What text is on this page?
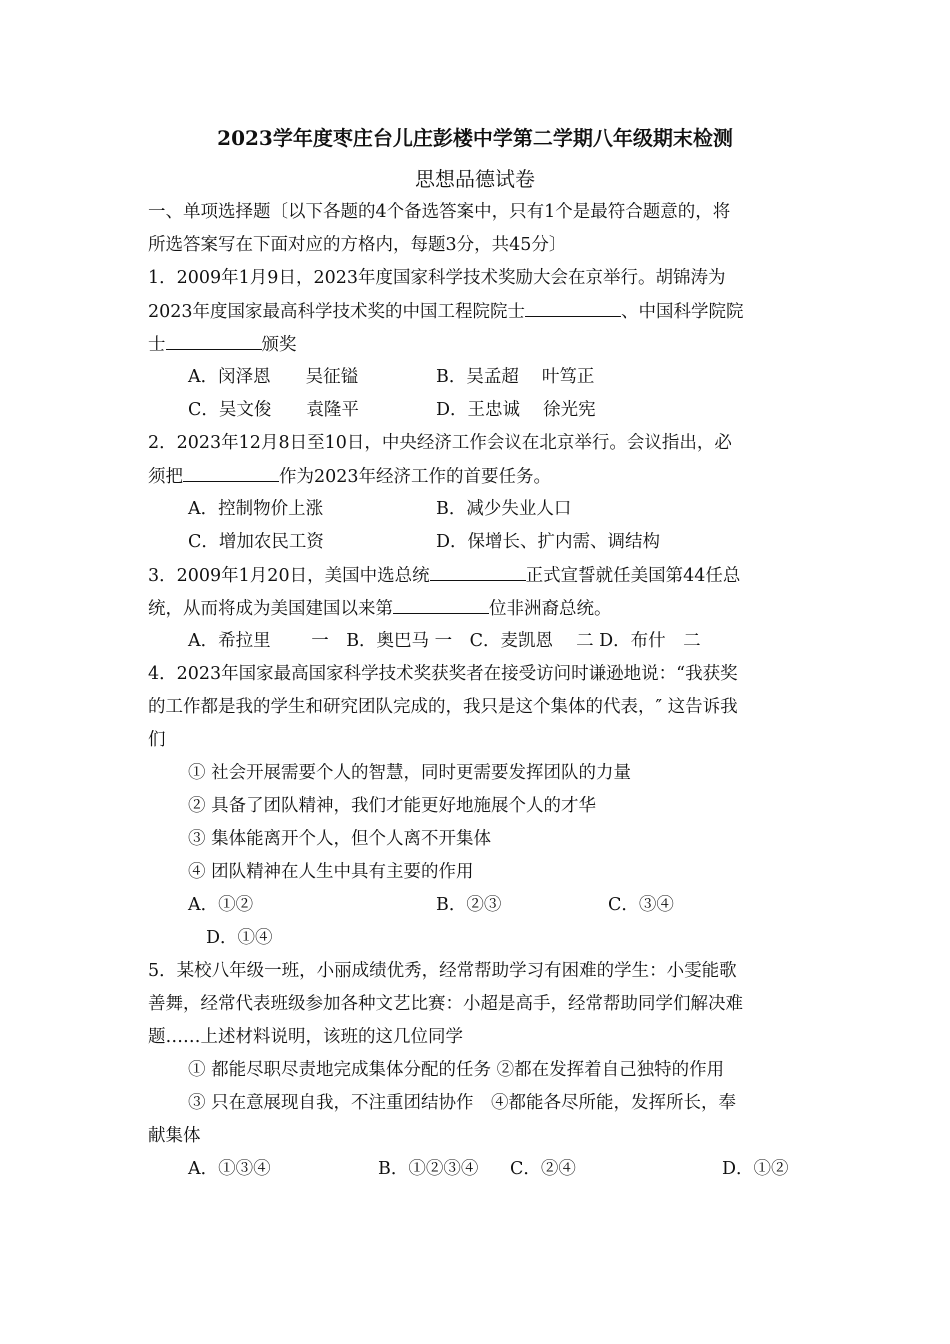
2023学年度枣庄台儿庄彭楼中学第二学期八年级期末检测
思想品德试卷
一、单项选择题〔以下各题的4个备选答案中，只有1个是最符合题意的，将
所选答案写在下面对应的方格内，每题3分，共45分〕
1．2009年1月9日，2023年度国家科学技术奖励大会在京举行。胡锦涛为
2023年度国家最高科学技术奖的中国工程院院士	、中国科学院院
士	颁奖
A．闵泽恩　　吴征镒	B．吴孟超　 叶笃正
C．吴文俊　　袁隆平	D．王忠诚　 徐光宪
2．2023年12月8日至10日，中央经济工作会议在北京举行。会议指出，必
须把	作为2023年经济工作的首要任务。
A．控制物价上涨	B．减少失业人口
C．增加农民工资	D．保增长、扩内需、调结构
3．2009年1月20日，美国中选总统	正式宣誓就任美国第44任总
统，从而将成为美国建国以来第	位非洲裔总统。
A．希拉里　　 一　B．奥巴马 一　C．麦凯恩　 二 D．布什　二
4．2023年国家最高国家科学技术奖获奖者在接受访问时谦逊地说：“我获奖
的工作都是我的学生和研究团队完成的，我只是这个集体的代表，″ 这告诉我
们
① 社会开展需要个人的智慧，同时更需要发挥团队的力量
② 具备了团队精神，我们才能更好地施展个人的才华
③ 集体能离开个人，但个人离不开集体
④ 团队精神在人生中具有主要的作用
A．①②	B．②③	C．③④
D．①④
5．某校八年级一班，小丽成绩优秀，经常帮助学习有困难的学生：小雯能歌
善舞，经常代表班级参加各种文艺比赛：小超是高手，经常帮助同学们解决难
题……上述材料说明，该班的这几位同学
① 都能尽职尽责地完成集体分配的任务 ②都在发挥着自己独特的作用
③ 只在意展现自我，不注重团结协作　④都能各尽所能，发挥所长，奉
献集体
A．①③④	B．①②③④ C．②④	D．①②
